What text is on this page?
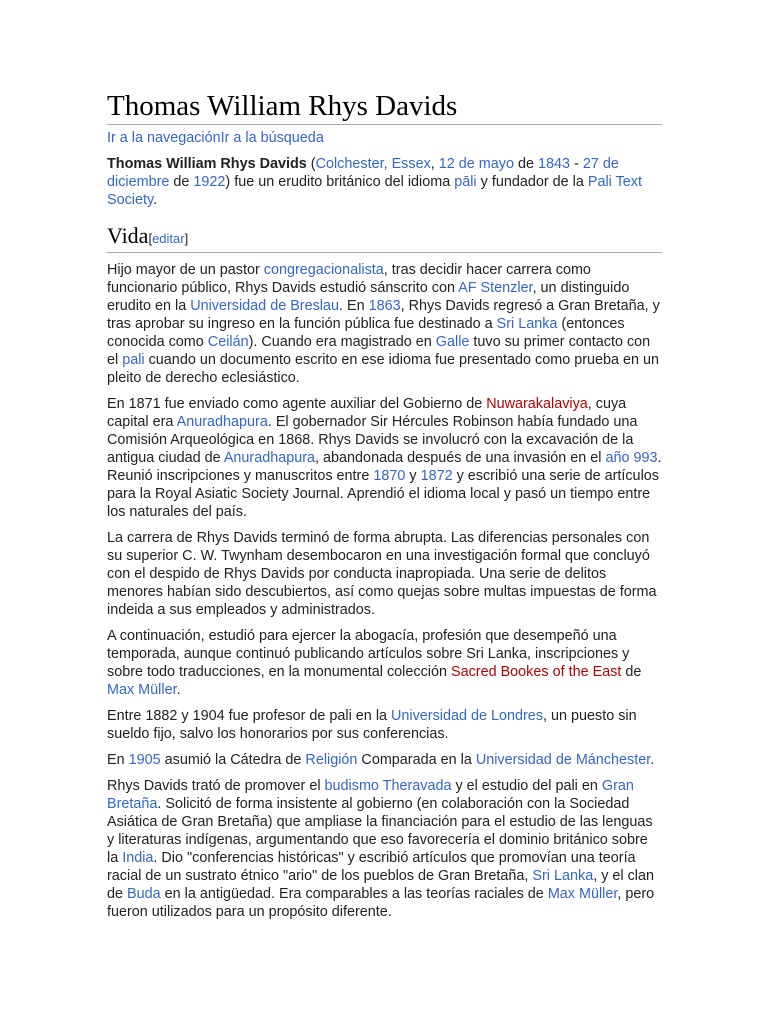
Thomas William Rhys Davids
Ir a la navegaciónIr a la búsqueda

Thomas William Rhys Davids (Colchester, Essex, 12 de mayo de 1843 - 27 de diciembre de 1922) fue un erudito británico del idioma pāli y fundador de la Pali Text Society.

Vida[editar]

Hijo mayor de un pastor congregacionalista, tras decidir hacer carrera como funcionario público, Rhys Davids estudió sánscrito con AF Stenzler, un distinguido erudito en la Universidad de Breslau. En 1863, Rhys Davids regresó a Gran Bretaña, y tras aprobar su ingreso en la función pública fue destinado a Sri Lanka (entonces conocida como Ceilán). Cuando era magistrado en Galle tuvo su primer contacto con el pali cuando un documento escrito en ese idioma fue presentado como prueba en un pleito de derecho eclesiástico.

En 1871 fue enviado como agente auxiliar del Gobierno de Nuwarakalaviya, cuya capital era Anuradhapura. El gobernador Sir Hércules Robinson había fundado una Comisión Arqueológica en 1868. Rhys Davids se involucró con la excavación de la antigua ciudad de Anuradhapura, abandonada después de una invasión en el año 993. Reunió inscripciones y manuscritos entre 1870 y 1872 y escribió una serie de artículos para la Royal Asiatic Society Journal. Aprendió el idioma local y pasó un tiempo entre los naturales del país.

La carrera de Rhys Davids terminó de forma abrupta. Las diferencias personales con su superior C. W. Twynham desembocaron en una investigación formal que concluyó con el despido de Rhys Davids por conducta inapropiada. Una serie de delitos menores habían sido descubiertos, así como quejas sobre multas impuestas de forma indeida a sus empleados y administrados.

A continuación, estudió para ejercer la abogacía, profesión que desempeñó una temporada, aunque continuó publicando artículos sobre Sri Lanka, inscripciones y sobre todo traducciones, en la monumental colección Sacred Bookes of the East de Max Müller.

Entre 1882 y 1904 fue profesor de pali en la Universidad de Londres, un puesto sin sueldo fijo, salvo los honorarios por sus conferencias.

En 1905 asumió la Cátedra de Religión Comparada en la Universidad de Mánchester.

Rhys Davids trató de promover el budismo Theravada y el estudio del pali en Gran Bretaña. Solicitó de forma insistente al gobierno (en colaboración con la Sociedad Asiática de Gran Bretaña) que ampliase la financiación para el estudio de las lenguas y literaturas indígenas, argumentando que eso favorecería el dominio británico sobre la India. Dio "conferencias históricas" y escribió artículos que promovían una teoría racial de un sustrato étnico "ario" de los pueblos de Gran Bretaña, Sri Lanka, y el clan de Buda en la antigüedad. Era comparables a las teorías raciales de Max Müller, pero fueron utilizados para un propósito diferente.
